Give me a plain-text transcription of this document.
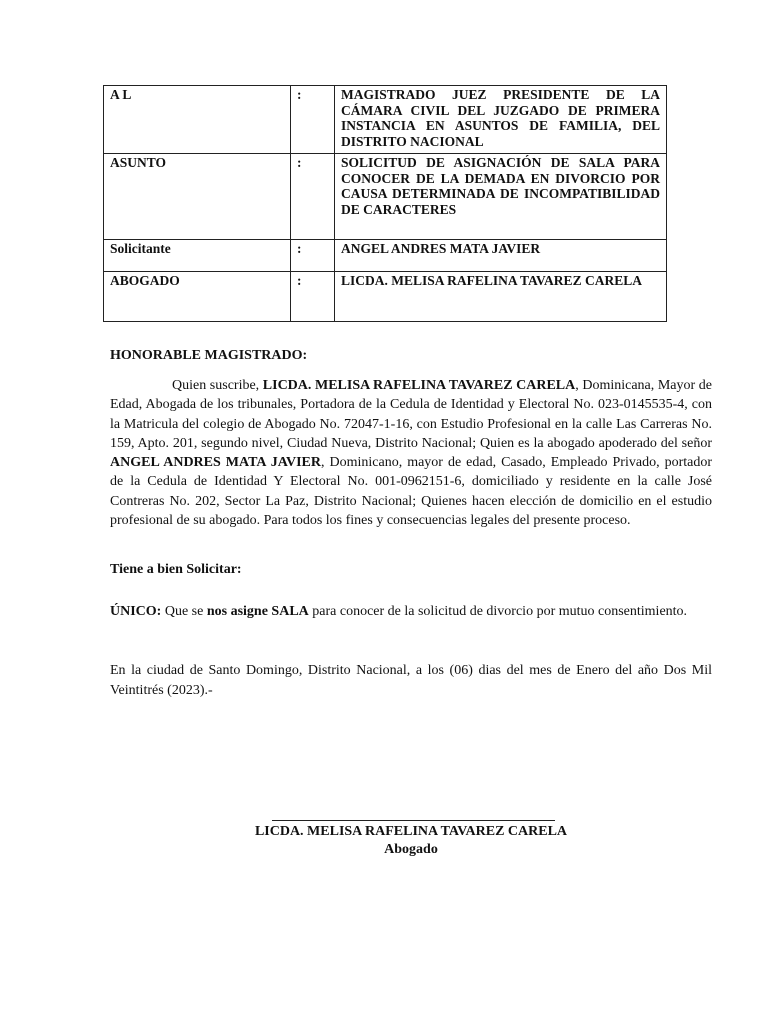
A L	:	MAGISTRADO JUEZ PRESIDENTE DE LA CÁMARA CIVIL DEL JUZGADO DE PRIMERA INSTANCIA EN ASUNTOS DE FAMILIA, DEL DISTRITO NACIONAL
ASUNTO	:	SOLICITUD DE ASIGNACIÓN DE SALA PARA CONOCER DE LA DEMADA EN DIVORCIO POR CAUSA DETERMINADA DE INCOMPATIBILIDAD DE CARACTERES
Solicitante	:	ANGEL ANDRES MATA JAVIER
ABOGADO	:	LICDA. MELISA RAFELINA TAVAREZ CARELA
HONORABLE MAGISTRADO:
Quien suscribe, LICDA. MELISA RAFELINA TAVAREZ CARELA, Dominicana, Mayor de Edad, Abogada de los tribunales, Portadora de la Cedula de Identidad y Electoral No. 023-0145535-4, con la Matricula del colegio de Abogado No. 72047-1-16, con Estudio Profesional en la calle Las Carreras No. 159, Apto. 201, segundo nivel, Ciudad Nueva, Distrito Nacional; Quien es la abogado apoderado del señor ANGEL ANDRES MATA JAVIER, Dominicano, mayor de edad, Casado, Empleado Privado, portador de la Cedula de Identidad Y Electoral No. 001-0962151-6, domiciliado y residente en la calle José Contreras No. 202, Sector La Paz, Distrito Nacional; Quienes hacen elección de domicilio en el estudio profesional de su abogado. Para todos los fines y consecuencias legales del presente proceso.
Tiene a bien Solicitar:
ÚNICO: Que se nos asigne SALA para conocer de la solicitud de divorcio por mutuo consentimiento.
En la ciudad de Santo Domingo, Distrito Nacional, a los (06) dias del mes de Enero del año Dos Mil Veintitrés (2023).-
LICDA. MELISA RAFELINA TAVAREZ CARELA
Abogado
